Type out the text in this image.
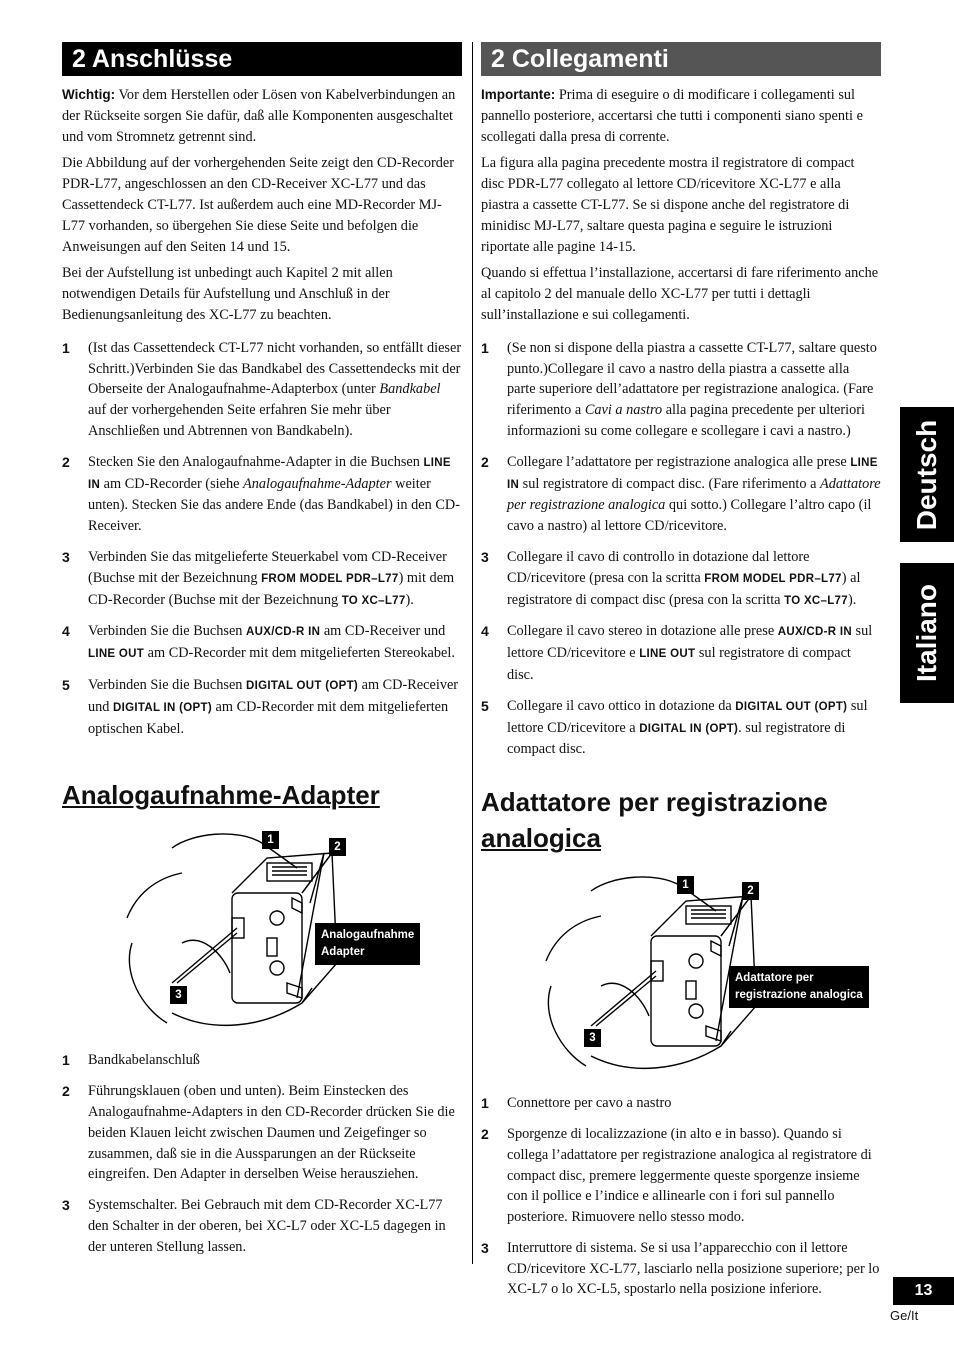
2 Anschlüsse

Wichtig: Vor dem Herstellen oder Lösen von Kabelverbindungen an der Rückseite sorgen Sie dafür, daß alle Komponenten ausgeschaltet und vom Stromnetz getrennt sind.

Die Abbildung auf der vorhergehenden Seite zeigt den CD-Recorder PDR-L77, angeschlossen an den CD-Receiver XC-L77 und das Cassettendeck CT-L77. Ist außerdem auch eine MD-Recorder MJ-L77 vorhanden, so übergehen Sie diese Seite und befolgen die Anweisungen auf den Seiten 14 und 15.

Bei der Aufstellung ist unbedingt auch Kapitel 2 mit allen notwendigen Details für Aufstellung und Anschluß in der Bedienungsanleitung des XC-L77 zu beachten.

1 (Ist das Cassettendeck CT-L77 nicht vorhanden, so entfällt dieser Schritt.)Verbinden Sie das Bandkabel des Cassettendecks mit der Oberseite der Analogaufnahme-Adapterbox (unter Bandkabel auf der vorhergehenden Seite erfahren Sie mehr über Anschließen und Abtrennen von Bandkabeln).
2 Stecken Sie den Analogaufnahme-Adapter in die Buchsen LINE IN am CD-Recorder (siehe Analogaufnahme-Adapter weiter unten). Stecken Sie das andere Ende (das Bandkabel) in den CD-Receiver.
3 Verbinden Sie das mitgelieferte Steuerkabel vom CD-Receiver (Buchse mit der Bezeichnung FROM MODEL PDR–L77) mit dem CD-Recorder (Buchse mit der Bezeichnung TO XC–L77).
4 Verbinden Sie die Buchsen AUX/CD-R IN am CD-Receiver und LINE OUT am CD-Recorder mit dem mitgelieferten Stereokabel.
5 Verbinden Sie die Buchsen DIGITAL OUT (OPT) am CD-Receiver und DIGITAL IN (OPT) am CD-Recorder mit dem mitgelieferten optischen Kabel.
Analogaufnahme-Adapter
1
2
3
Analogaufnahme
Adapter
1 Bandkabelanschluß
2 Führungsklauen (oben und unten). Beim Einstecken des Analogaufnahme-Adapters in den CD-Recorder drücken Sie die beiden Klauen leicht zwischen Daumen und Zeigefinger so zusammen, daß sie in die Aussparungen an der Rückseite eingreifen. Den Adapter in derselben Weise herausziehen.
3 Systemschalter. Bei Gebrauch mit dem CD-Recorder XC-L77 den Schalter in der oberen, bei XC-L7 oder XC-L5 dagegen in der unteren Stellung lassen.
2 Collegamenti

Importante: Prima di eseguire o di modificare i collegamenti sul pannello posteriore, accertarsi che tutti i componenti siano spenti e scollegati dalla presa di corrente.

La figura alla pagina precedente mostra il registratore di compact disc PDR-L77 collegato al lettore CD/ricevitore XC-L77 e alla piastra a cassette CT-L77. Se si dispone anche del registratore di minidisc MJ-L77, saltare questa pagina e seguire le istruzioni riportate alle pagine 14-15.

Quando si effettua l’installazione, accertarsi di fare riferimento anche al capitolo 2 del manuale dello XC-L77 per tutti i dettagli sull’installazione e sui collegamenti.

1 (Se non si dispone della piastra a cassette CT-L77, saltare questo punto.)Collegare il cavo a nastro della piastra a cassette alla parte superiore dell’adattatore per registrazione analogica. (Fare riferimento a Cavi a nastro alla pagina precedente per ulteriori informazioni su come collegare e scollegare i cavi a nastro.)
2 Collegare l’adattatore per registrazione analogica alle prese LINE IN sul registratore di compact disc. (Fare riferimento a Adattatore per registrazione analogica qui sotto.) Collegare l’altro capo (il cavo a nastro) al lettore CD/ricevitore.
3 Collegare il cavo di controllo in dotazione dal lettore CD/ricevitore (presa con la scritta FROM MODEL PDR–L77) al registratore di compact disc (presa con la scritta TO XC–L77).
4 Collegare il cavo stereo in dotazione alle prese AUX/CD-R IN sul lettore CD/ricevitore e LINE OUT sul registratore di compact disc.
5 Collegare il cavo ottico in dotazione da DIGITAL OUT (OPT) sul lettore CD/ricevitore a DIGITAL IN (OPT). sul registratore di compact disc.
Adattatore per registrazione
analogica
1	2
3
Adattatore per
registrazione analogica
1 Connettore per cavo a nastro
2 Sporgenze di localizzazione (in alto e in basso). Quando si collega l’adattatore per registrazione analogica al registratore di compact disc, premere leggermente queste sporgenze insieme con il pollice e l’indice e allinearle con i fori sul pannello posteriore. Rimuovere nello stesso modo.
3 Interruttore di sistema. Se si usa l’apparecchio con il lettore CD/ricevitore XC-L77, lasciarlo nella posizione superiore; per lo XC-L7 o lo XC-L5, spostarlo nella posizione inferiore.
Deutsch
Italiano
13
Ge/It
